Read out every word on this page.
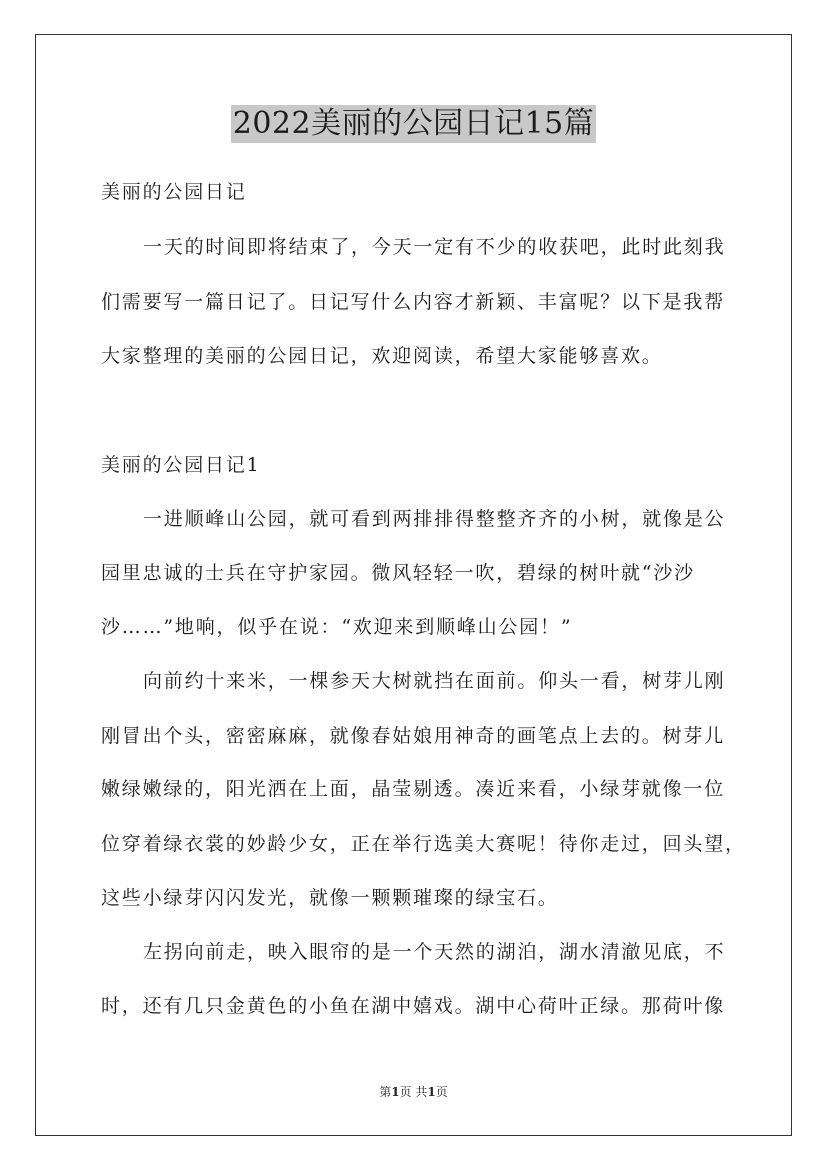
2022美丽的公园日记15篇
美丽的公园日记
一天的时间即将结束了，今天一定有不少的收获吧，此时此刻我
们需要写一篇日记了。日记写什么内容才新颖、丰富呢？以下是我帮
大家整理的美丽的公园日记，欢迎阅读，希望大家能够喜欢。
美丽的公园日记1
一进顺峰山公园，就可看到两排排得整整齐齐的小树，就像是公
园里忠诚的士兵在守护家园。微风轻轻一吹，碧绿的树叶就“沙沙
沙……”地响，似乎在说：“欢迎来到顺峰山公园！”
向前约十来米，一棵参天大树就挡在面前。仰头一看，树芽儿刚
刚冒出个头，密密麻麻，就像春姑娘用神奇的画笔点上去的。树芽儿
嫩绿嫩绿的，阳光洒在上面，晶莹剔透。凑近来看，小绿芽就像一位
位穿着绿衣裳的妙龄少女，正在举行选美大赛呢！待你走过，回头望，
这些小绿芽闪闪发光，就像一颗颗璀璨的绿宝石。
左拐向前走，映入眼帘的是一个天然的湖泊，湖水清澈见底，不
时，还有几只金黄色的小鱼在湖中嬉戏。湖中心荷叶正绿。那荷叶像
第1页 共1页
